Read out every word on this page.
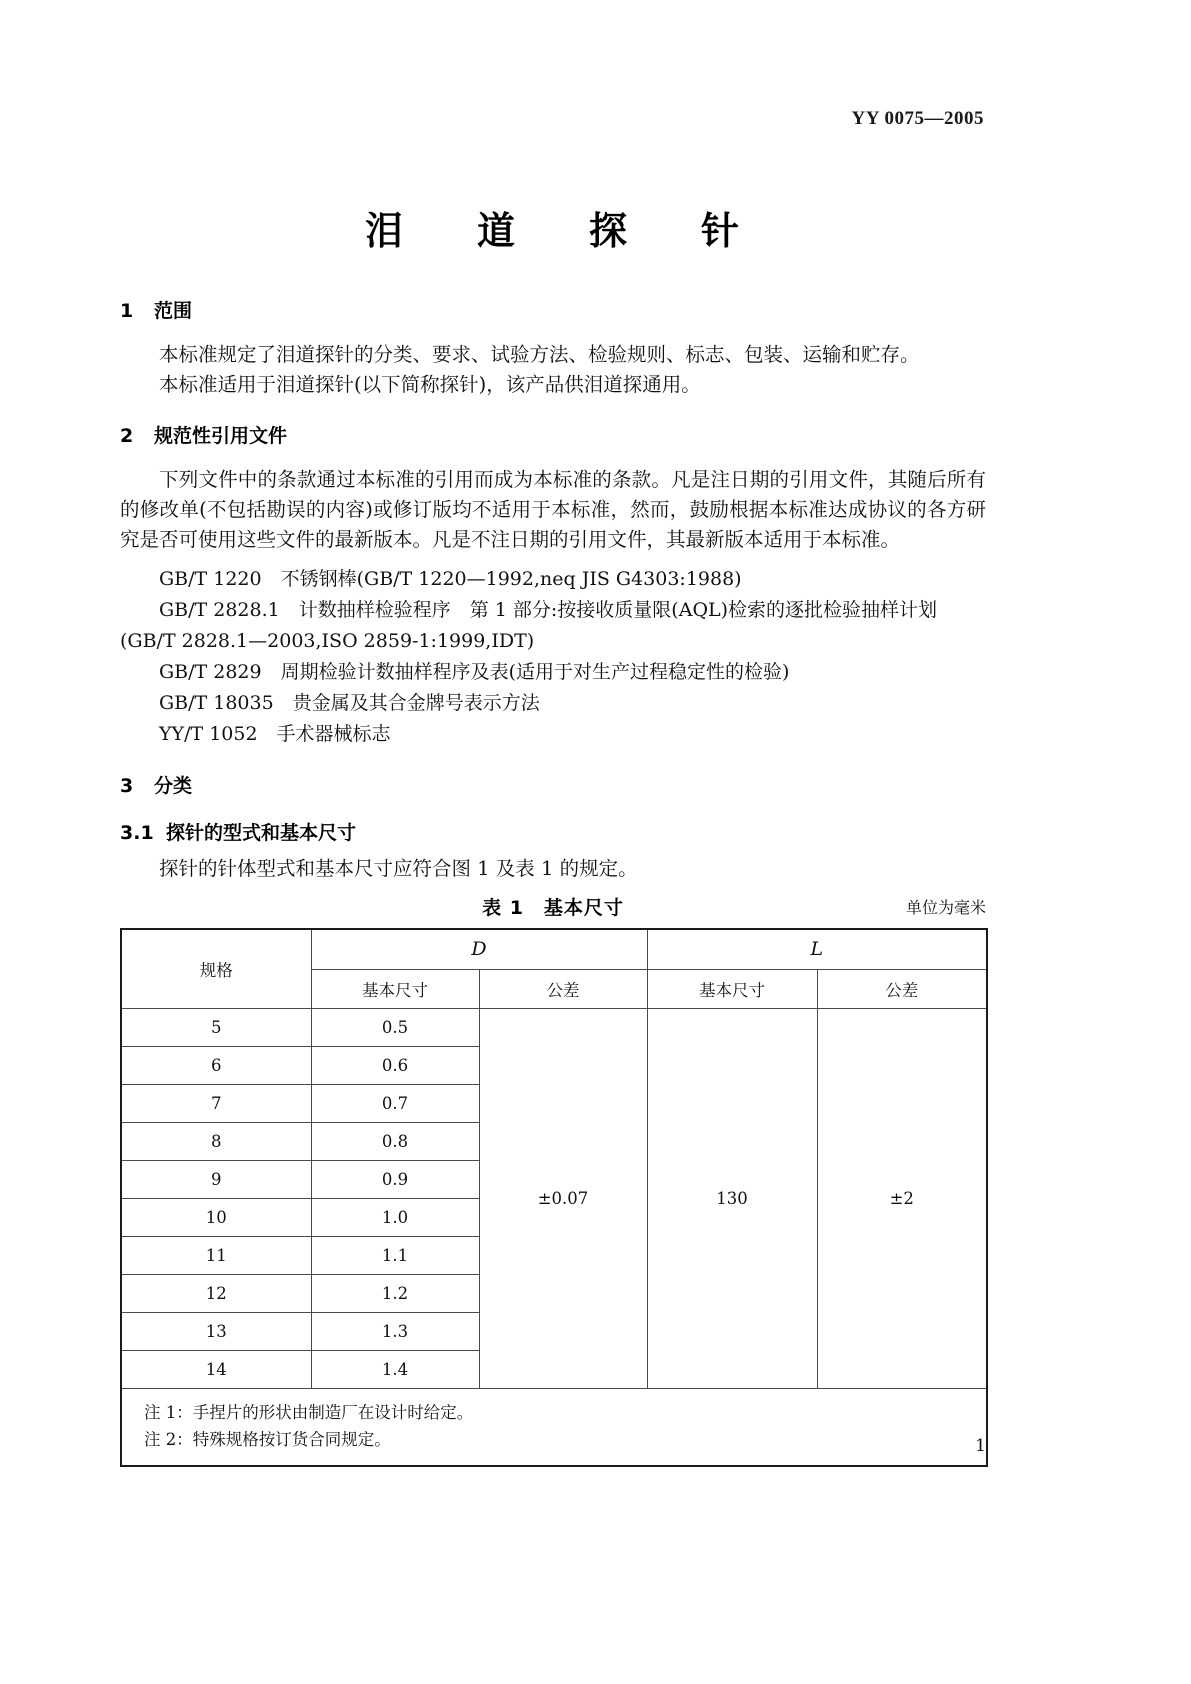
YY 0075—2005
泪　道　探　针
1 范围

本标准规定了泪道探针的分类、要求、试验方法、检验规则、标志、包装、运输和贮存。

本标准适用于泪道探针(以下简称探针)，该产品供泪道探通用。

2 规范性引用文件

下列文件中的条款通过本标准的引用而成为本标准的条款。凡是注日期的引用文件，其随后所有的修改单(不包括勘误的内容)或修订版均不适用于本标准，然而，鼓励根据本标准达成协议的各方研究是否可使用这些文件的最新版本。凡是不注日期的引用文件，其最新版本适用于本标准。

GB/T 1220　不锈钢棒(GB/T 1220—1992,neq JIS G4303:1988)

GB/T 2828.1　计数抽样检验程序　第 1 部分:按接收质量限(AQL)检索的逐批检验抽样计划

(GB/T 2828.1—2003,ISO 2859-1:1999,IDT)

GB/T 2829　周期检验计数抽样程序及表(适用于对生产过程稳定性的检验)

GB/T 18035　贵金属及其合金牌号表示方法

YY/T 1052　手术器械标志

3 分类
3.1 探针的型式和基本尺寸

探针的针体型式和基本尺寸应符合图 1 及表 1 的规定。

表 1　基本尺寸	单位为毫米
规格	D		L	
	基本尺寸	公差	基本尺寸	公差
5	0.5	±0.07	130	±2
6	0.6			
7	0.7			
8	0.8			
9	0.9			
10	1.0			
11	1.1			
12	1.2			
13	1.3			
14	1.4			

注 1：手捏片的形状由制造厂在设计时给定。
注 2：特殊规格按订货合同规定。					1
